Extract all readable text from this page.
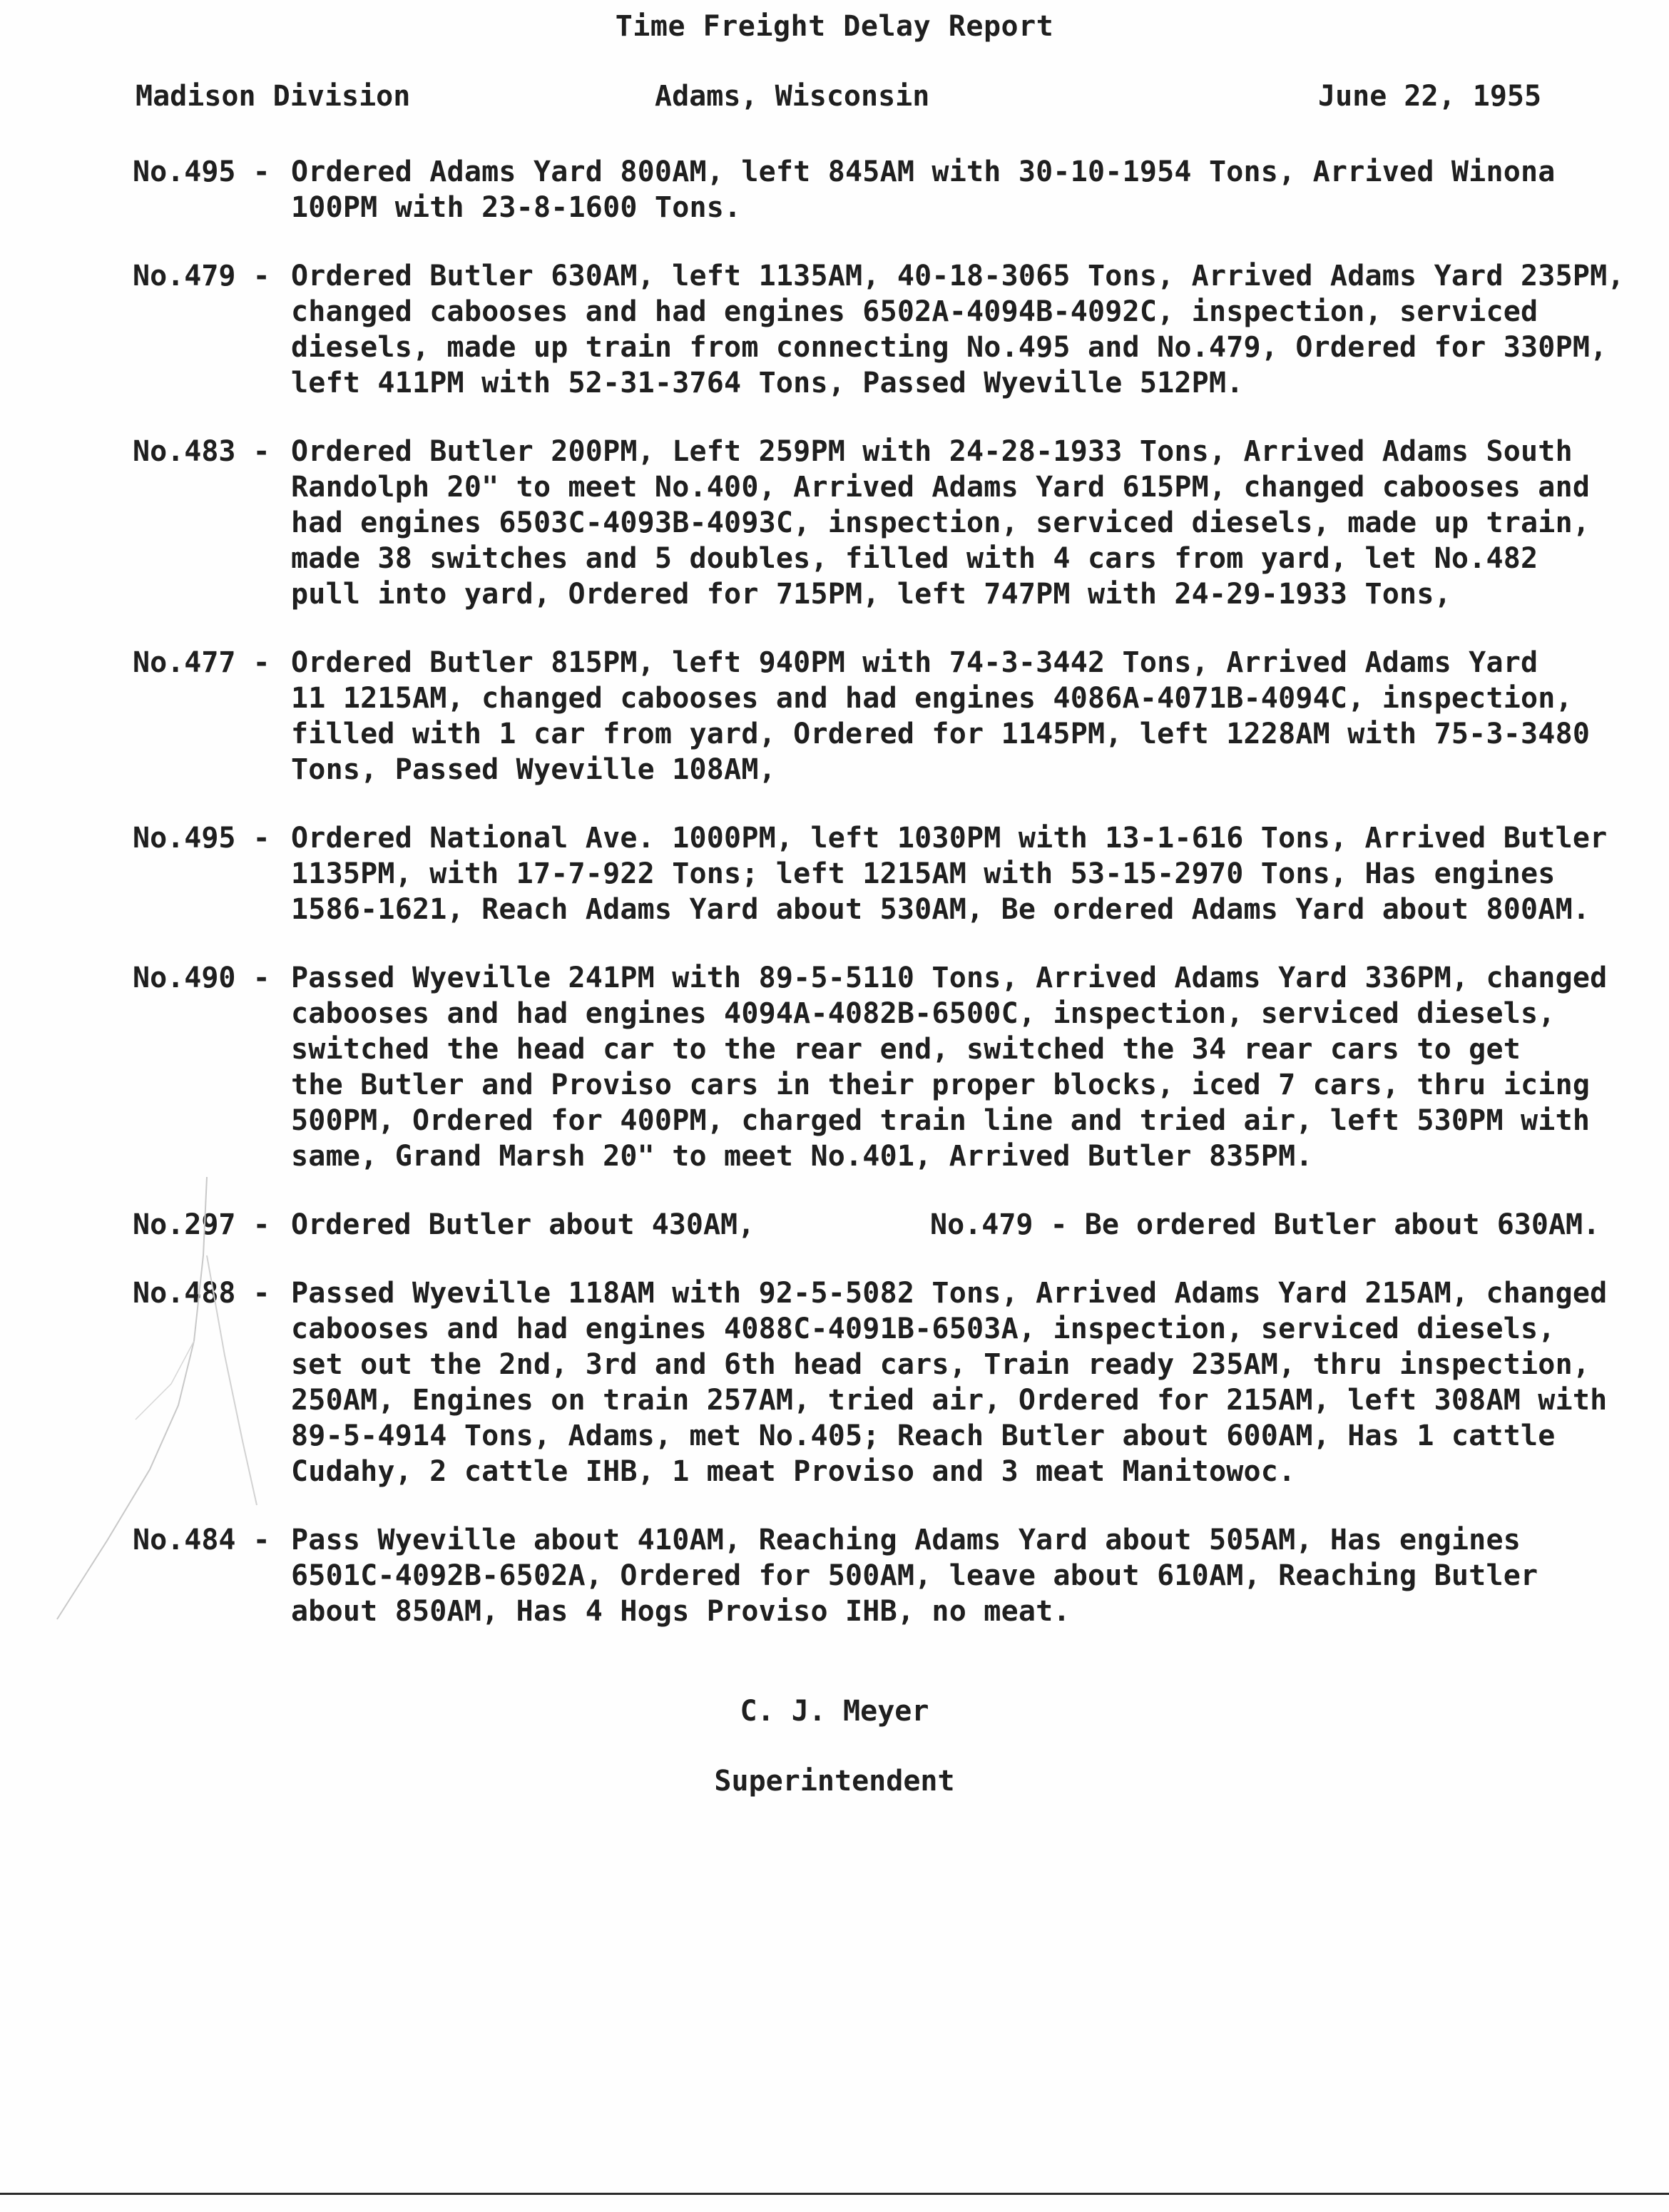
Time Freight Delay Report
Madison Division	Adams, Wisconsin	June 22, 1955
No.495 - Ordered Adams Yard 800AM, left 845AM with 30-10-1954 Tons, Arrived Winona
100PM with 23-8-1600 Tons.
No.479 - Ordered Butler 630AM, left 1135AM, 40-18-3065 Tons, Arrived Adams Yard 235PM,
changed cabooses and had engines 6502A-4094B-4092C, inspection, serviced
diesels, made up train from connecting No.495 and No.479, Ordered for 330PM,
left 411PM with 52-31-3764 Tons, Passed Wyeville 512PM.
No.483 - Ordered Butler 200PM, Left 259PM with 24-28-1933 Tons, Arrived Adams South
Randolph 20" to meet No.400, Arrived Adams Yard 615PM, changed cabooses and
had engines 6503C-4093B-4093C, inspection, serviced diesels, made up train,
made 38 switches and 5 doubles, filled with 4 cars from yard, let No.482
pull into yard, Ordered for 715PM, left 747PM with 24-29-1933 Tons,
No.477 - Ordered Butler 815PM, left 940PM with 74-3-3442 Tons, Arrived Adams Yard
11 1215AM, changed cabooses and had engines 4086A-4071B-4094C, inspection,
filled with 1 car from yard, Ordered for 1145PM, left 1228AM with 75-3-3480
Tons, Passed Wyeville 108AM,
No.495 - Ordered National Ave. 1000PM, left 1030PM with 13-1-616 Tons, Arrived Butler
1135PM, with 17-7-922 Tons; left 1215AM with 53-15-2970 Tons, Has engines
1586-1621, Reach Adams Yard about 530AM, Be ordered Adams Yard about 800AM.
No.490 - Passed Wyeville 241PM with 89-5-5110 Tons, Arrived Adams Yard 336PM, changed
cabooses and had engines 4094A-4082B-6500C, inspection, serviced diesels,
switched the head car to the rear end, switched the 34 rear cars to get
the Butler and Proviso cars in their proper blocks, iced 7 cars, thru icing
500PM, Ordered for 400PM, charged train line and tried air, left 530PM with
same, Grand Marsh 20" to meet No.401, Arrived Butler 835PM.
No.297 - Ordered Butler about 430AM,	No.479 - Be ordered Butler about 630AM.
No.488 - Passed Wyeville 118AM with 92-5-5082 Tons, Arrived Adams Yard 215AM, changed
cabooses and had engines 4088C-4091B-6503A, inspection, serviced diesels,
set out the 2nd, 3rd and 6th head cars, Train ready 235AM, thru inspection,
250AM, Engines on train 257AM, tried air, Ordered for 215AM, left 308AM with
89-5-4914 Tons, Adams, met No.405; Reach Butler about 600AM, Has 1 cattle
Cudahy, 2 cattle IHB, 1 meat Proviso and 3 meat Manitowoc.
No.484 - Pass Wyeville about 410AM, Reaching Adams Yard about 505AM, Has engines
6501C-4092B-6502A, Ordered for 500AM, leave about 610AM, Reaching Butler
about 850AM, Has 4 Hogs Proviso IHB, no meat.
C. J. Meyer
Superintendent
